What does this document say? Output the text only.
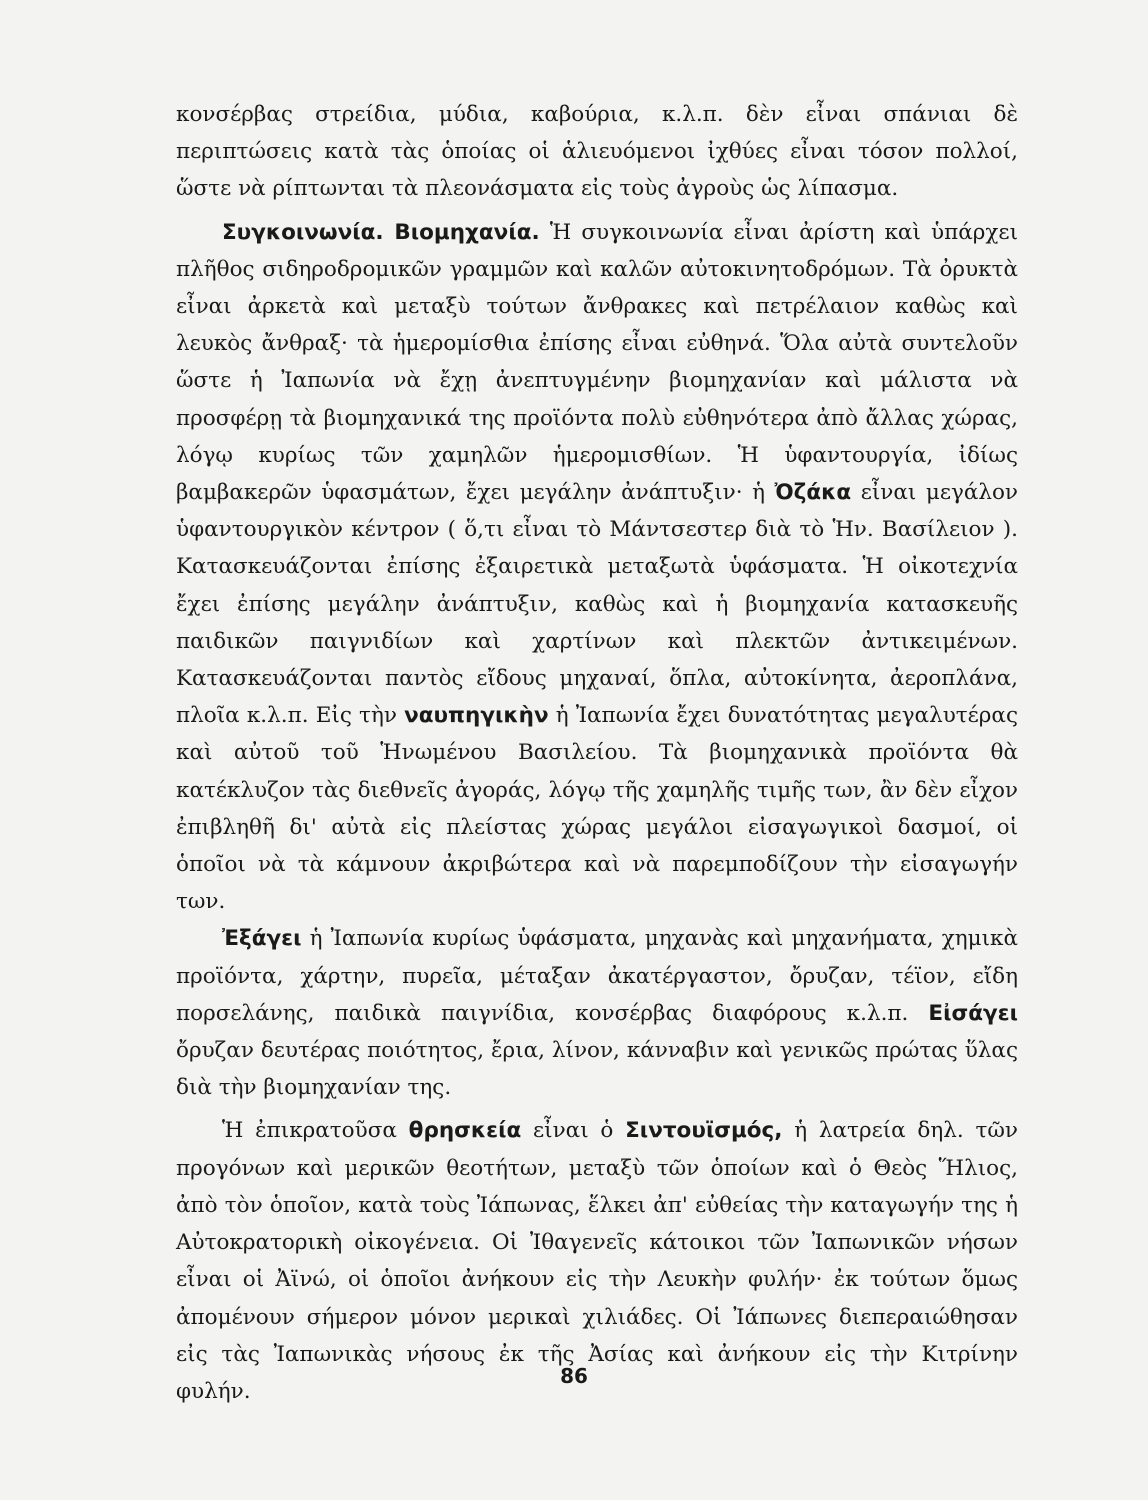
κονσέρβας στρείδια, μύδια, καβούρια, κ.λ.π. δὲν εἶναι σπάνιαι δὲ περιπτώσεις κατὰ τὰς ὁποίας οἱ ἁλιευόμενοι ἰχθύες εἶναι τόσον πολλοί, ὥστε νὰ ρίπτωνται τὰ πλεονάσματα εἰς τοὺς ἀγροὺς ὡς λίπασμα.

Συγκοινωνία. Βιομηχανία. Ἡ συγκοινωνία εἶναι ἀρίστη καὶ ὑπάρχει πλῆθος σιδηροδρομικῶν γραμμῶν καὶ καλῶν αὐτοκινητοδρόμων. Τὰ ὀρυκτὰ εἶναι ἀρκετὰ καὶ μεταξὺ τούτων ἄνθρακες καὶ πετρέλαιον καθὼς καὶ λευκὸς ἄνθραξ· τὰ ἡμερομίσθια ἐπίσης εἶναι εὐθηνά. Ὅλα αὐτὰ συντελοῦν ὥστε ἡ Ἰαπωνία νὰ ἔχῃ ἀνεπτυγμένην βιομηχανίαν καὶ μάλιστα νὰ προσφέρῃ τὰ βιομηχανικά της προϊόντα πολὺ εὐθηνότερα ἀπὸ ἄλλας χώρας, λόγῳ κυρίως τῶν χαμηλῶν ἡμερομισθίων. Ἡ ὑφαντουργία, ἰδίως βαμβακερῶν ὑφασμάτων, ἔχει μεγάλην ἀνάπτυξιν· ἡ Ὀζάκα εἶναι μεγάλον ὑφαντουργικὸν κέντρον ( ὅ,τι εἶναι τὸ Μάντσεστερ διὰ τὸ Ἡν. Βασίλειον ). Κατασκευάζονται ἐπίσης ἐξαιρετικὰ μεταξωτὰ ὑφάσματα. Ἡ οἰκοτεχνία ἔχει ἐπίσης μεγάλην ἀνάπτυξιν, καθὼς καὶ ἡ βιομηχανία κατασκευῆς παιδικῶν παιγνιδίων καὶ χαρτίνων καὶ πλεκτῶν ἀντικειμένων. Κατασκευάζονται παντὸς εἴδους μηχαναί, ὅπλα, αὐτοκίνητα, ἀεροπλάνα, πλοῖα κ.λ.π. Εἰς τὴν ναυπηγικὴν ἡ Ἰαπωνία ἔχει δυνατότητας μεγαλυτέρας καὶ αὐτοῦ τοῦ Ἡνωμένου Βασιλείου. Τὰ βιομηχανικὰ προϊόντα θὰ κατέκλυζον τὰς διεθνεῖς ἀγοράς, λόγῳ τῆς χαμηλῆς τιμῆς των, ἂν δὲν εἶχον ἐπιβληθῆ δι' αὐτὰ εἰς πλείστας χώρας μεγάλοι εἰσαγωγικοὶ δασμοί, οἱ ὁποῖοι νὰ τὰ κάμνουν ἀκριβώτερα καὶ νὰ παρεμποδίζουν τὴν εἰσαγωγήν των.

Ἐξάγει ἡ Ἰαπωνία κυρίως ὑφάσματα, μηχανὰς καὶ μηχανήματα, χημικὰ προϊόντα, χάρτην, πυρεῖα, μέταξαν ἀκατέργαστον, ὄρυζαν, τέϊον, εἴδη πορσελάνης, παιδικὰ παιγνίδια, κονσέρβας διαφόρους κ.λ.π. Εἰσάγει ὄρυζαν δευτέρας ποιότητος, ἔρια, λίνον, κάνναβιν καὶ γενικῶς πρώτας ὕλας διὰ τὴν βιομηχανίαν της.

Ἡ ἐπικρατοῦσα θρησκεία εἶναι ὁ Σιντουϊσμός, ἡ λατρεία δηλ. τῶν προγόνων καὶ μερικῶν θεοτήτων, μεταξὺ τῶν ὁποίων καὶ ὁ Θεὸς Ἥλιος, ἀπὸ τὸν ὁποῖον, κατὰ τοὺς Ἰάπωνας, ἕλκει ἀπ' εὐθείας τὴν καταγωγήν της ἡ Αὐτοκρατορικὴ οἰκογένεια. Οἱ Ἰθαγενεῖς κάτοικοι τῶν Ἰαπωνικῶν νήσων εἶναι οἱ Ἀϊνώ, οἱ ὁποῖοι ἀνήκουν εἰς τὴν Λευκὴν φυλήν· ἐκ τούτων ὅμως ἀπομένουν σήμερον μόνον μερικαὶ χιλιάδες. Οἱ Ἰάπωνες διεπεραιώθησαν εἰς τὰς Ἰαπωνικὰς νήσους ἐκ τῆς Ἀσίας καὶ ἀνήκουν εἰς τὴν Κιτρίνην φυλήν.

86
